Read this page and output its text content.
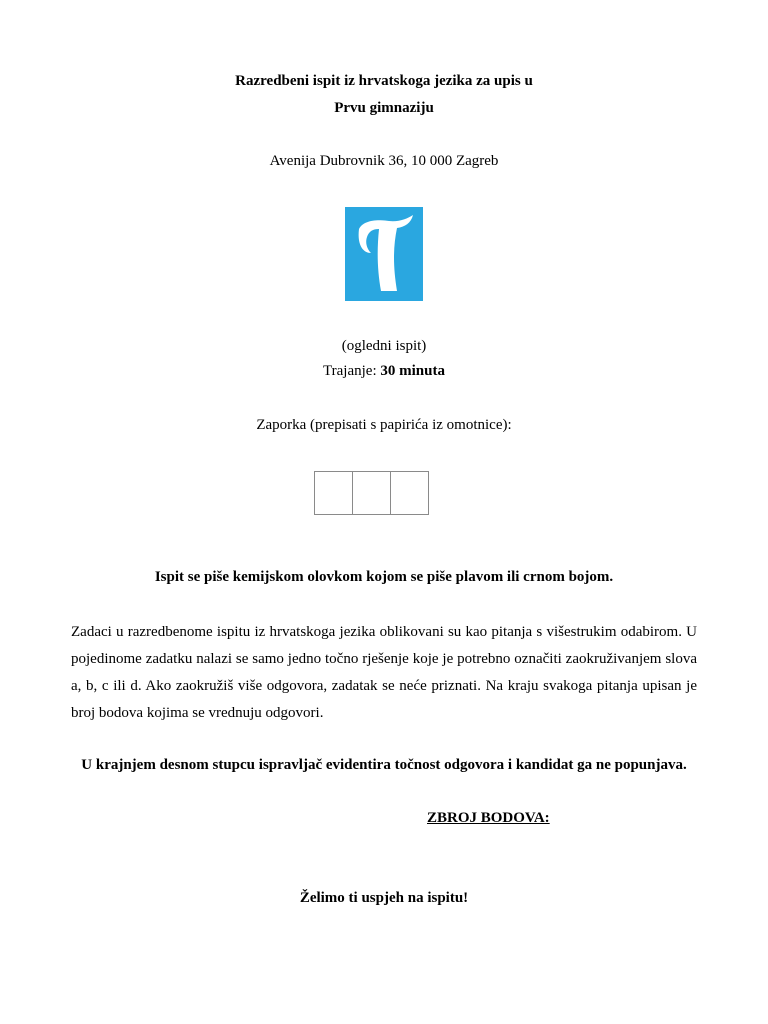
Razredbeni ispit iz hrvatskoga jezika za upis u
Prvu gimnaziju
Avenija Dubrovnik 36, 10 000 Zagreb
(ogledni ispit)
Trajanje: 30 minuta
Zaporka (prepisati s papirića iz omotnice):
Ispit se piše kemijskom olovkom kojom se piše plavom ili crnom bojom.
Zadaci u razredbenome ispitu iz hrvatskoga jezika oblikovani su kao pitanja s višestrukim odabirom. U pojedinome zadatku nalazi se samo jedno točno rješenje koje je potrebno označiti zaokruživanjem slova a, b, c ili d. Ako zaokružiš više odgovora, zadatak se neće priznati. Na kraju svakoga pitanja upisan je broj bodova kojima se vrednuju odgovori.
U krajnjem desnom stupcu ispravljač evidentira točnost odgovora i kandidat ga ne popunjava.
ZBROJ BODOVA:
Želimo ti uspjeh na ispitu!
